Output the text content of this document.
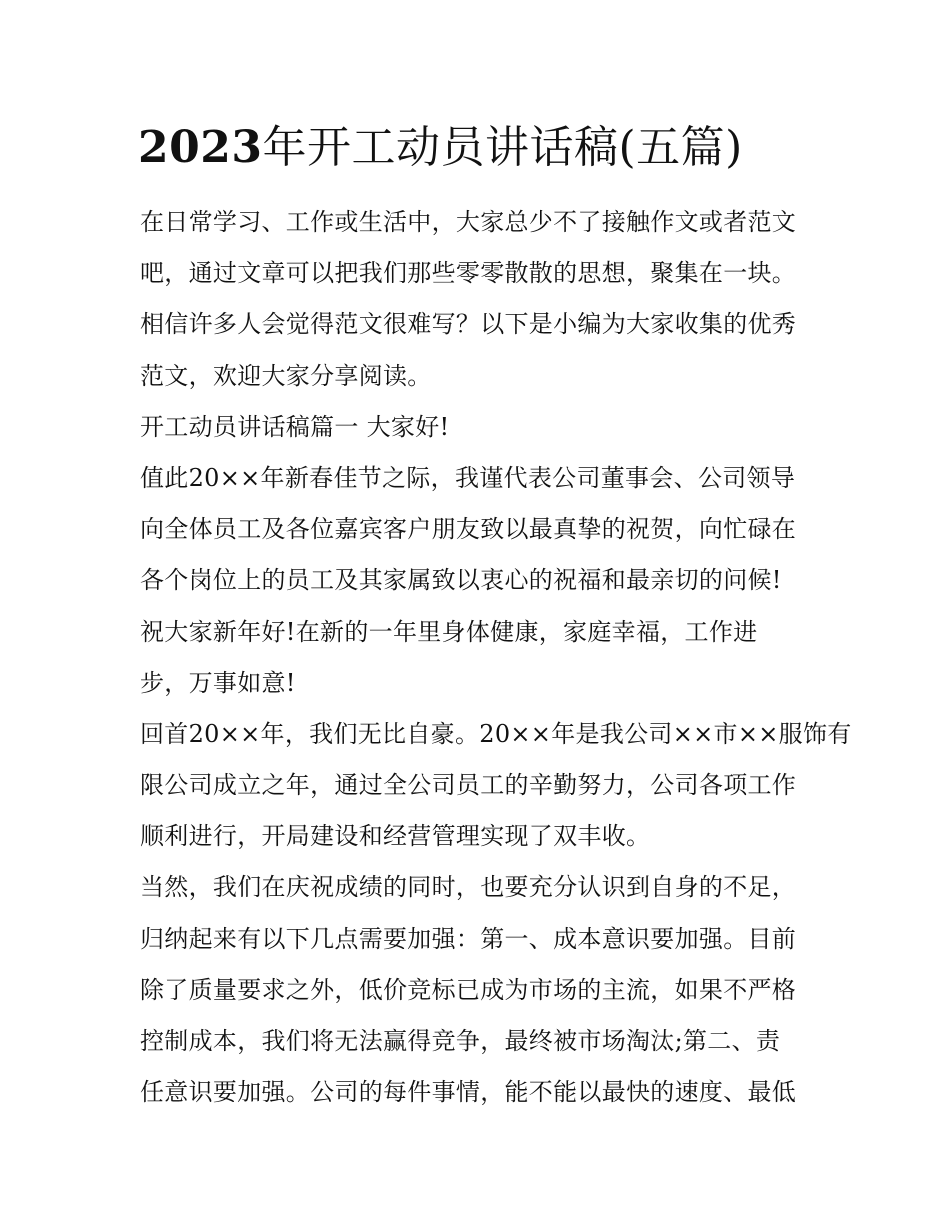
2023年开工动员讲话稿(五篇)
在日常学习、工作或生活中，大家总少不了接触作文或者范文
吧，通过文章可以把我们那些零零散散的思想，聚集在一块。
相信许多人会觉得范文很难写？以下是小编为大家收集的优秀
范文，欢迎大家分享阅读。
开工动员讲话稿篇一 大家好!
值此20××年新春佳节之际，我谨代表公司董事会、公司领导
向全体员工及各位嘉宾客户朋友致以最真挚的祝贺，向忙碌在
各个岗位上的员工及其家属致以衷心的祝福和最亲切的问候!
祝大家新年好!在新的一年里身体健康，家庭幸福，工作进
步，万事如意!
回首20××年，我们无比自豪。20××年是我公司××市××服饰有
限公司成立之年，通过全公司员工的辛勤努力，公司各项工作
顺利进行，开局建设和经营管理实现了双丰收。
当然，我们在庆祝成绩的同时，也要充分认识到自身的不足，
归纳起来有以下几点需要加强：第一、成本意识要加强。目前
除了质量要求之外，低价竞标已成为市场的主流，如果不严格
控制成本，我们将无法赢得竞争，最终被市场淘汰;第二、责
任意识要加强。公司的每件事情，能不能以最快的速度、最低
